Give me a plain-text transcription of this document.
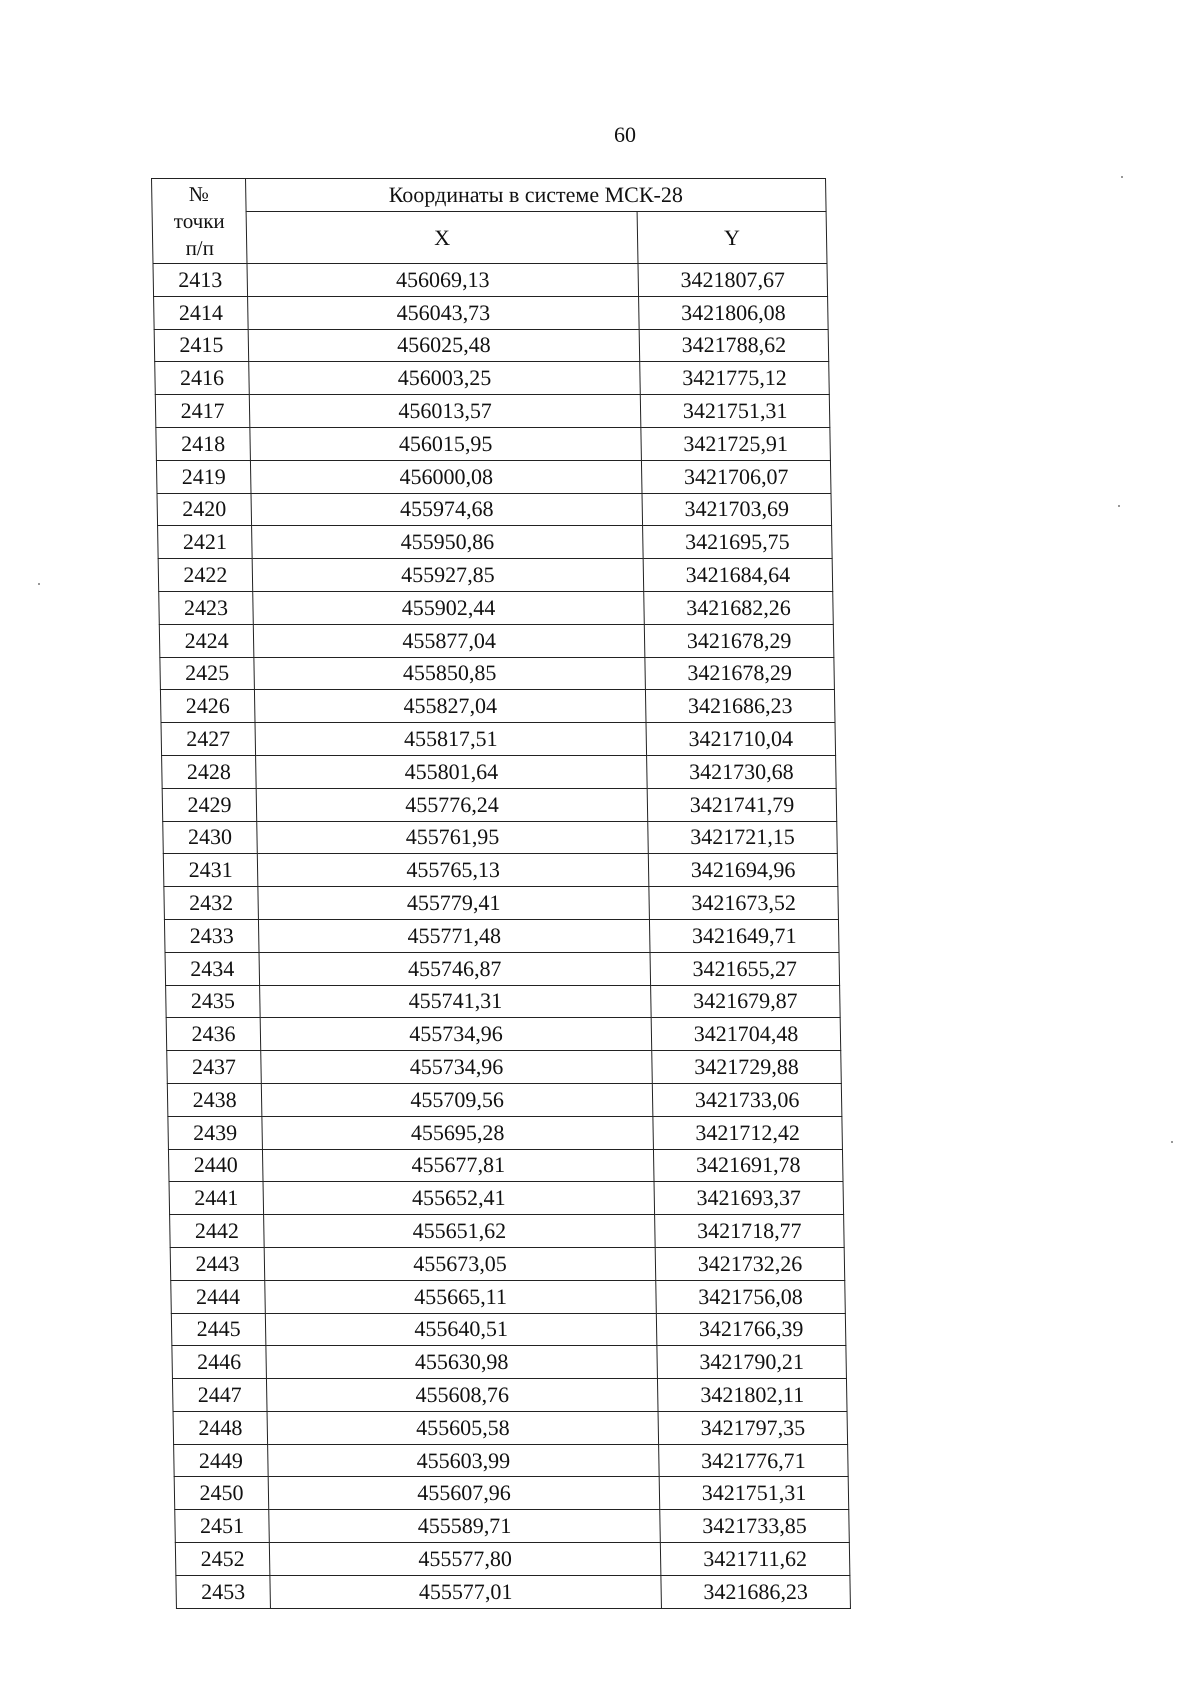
60
№
точки
п/п	Координаты в системе МСК-28	
	X	Y
2413	456069,13	3421807,67
2414	456043,73	3421806,08
2415	456025,48	3421788,62
2416	456003,25	3421775,12
2417	456013,57	3421751,31
2418	456015,95	3421725,91
2419	456000,08	3421706,07
2420	455974,68	3421703,69
2421	455950,86	3421695,75
2422	455927,85	3421684,64
2423	455902,44	3421682,26
2424	455877,04	3421678,29
2425	455850,85	3421678,29
2426	455827,04	3421686,23
2427	455817,51	3421710,04
2428	455801,64	3421730,68
2429	455776,24	3421741,79
2430	455761,95	3421721,15
2431	455765,13	3421694,96
2432	455779,41	3421673,52
2433	455771,48	3421649,71
2434	455746,87	3421655,27
2435	455741,31	3421679,87
2436	455734,96	3421704,48
2437	455734,96	3421729,88
2438	455709,56	3421733,06
2439	455695,28	3421712,42
2440	455677,81	3421691,78
2441	455652,41	3421693,37
2442	455651,62	3421718,77
2443	455673,05	3421732,26
2444	455665,11	3421756,08
2445	455640,51	3421766,39
2446	455630,98	3421790,21
2447	455608,76	3421802,11
2448	455605,58	3421797,35
2449	455603,99	3421776,71
2450	455607,96	3421751,31
2451	455589,71	3421733,85
2452	455577,80	3421711,62
2453	455577,01	3421686,23
